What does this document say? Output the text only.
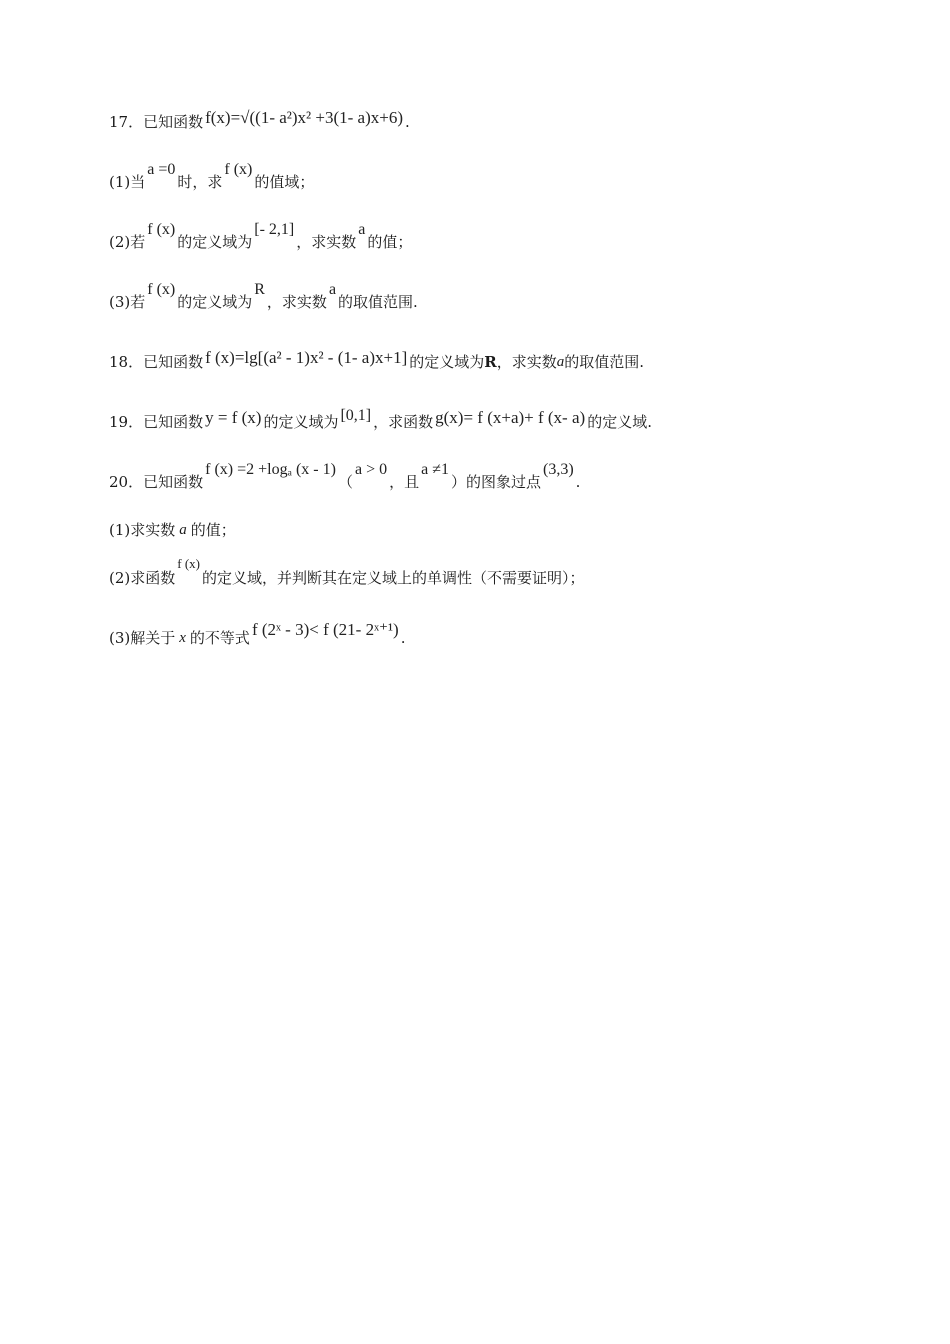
17． 已知函数 f(x)=√((1- a²)x² +3(1- a)x+6) .
(1)当
a =0
时，求
f (x)
的值域；
(2)若
f (x)
的定义域为
[- 2,1]
，求实数
a
的值；
(3)若
f (x)
的定义域为
R
，求实数
a
的取值范围.
18． 已知函数 f (x)=lg[(a² - 1)x² - (1- a)x+1] 的定义域为 R ，求实数 a 的取值范围.
19． 已知函数 y = f (x) 的定义域为 [0,1] ，求函数 g(x)= f (x+a)+ f (x- a) 的定义域.
20． 已知函数
f (x) =2 +logₐ (x - 1)
（
a > 0
，且
a ≠1
）的图象过点
(3,3)
.
(1)求实数 a 的值；
(2)求函数
f (x)
的定义域，并判断其在定义域上的单调性（不需要证明）；
(3)解关于 x 的不等式 f (2ˣ - 3)< f (21- 2ˣ⁺¹) .
